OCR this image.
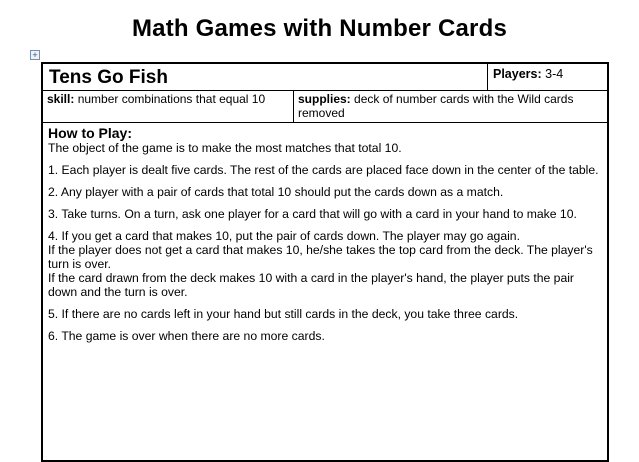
Math Games with Number Cards
+
Tens Go Fish	Players: 3-4
skill: number combinations that equal 10	supplies: deck of number cards with the Wild cards removed
How to Play:

The object of the game is to make the most matches that total 10.

1. Each player is dealt five cards. The rest of the cards are placed face down in the center of the table.

2. Any player with a pair of cards that total 10 should put the cards down as a match.

3. Take turns. On a turn, ask one player for a card that will go with a card in your hand to make 10.

4. If you get a card that makes 10, put the pair of cards down. The player may go again.

If the player does not get a card that makes 10, he/she takes the top card from the deck. The player's turn is over.

If the card drawn from the deck makes 10 with a card in the player's hand, the player puts the pair down and the turn is over.

5. If there are no cards left in your hand but still cards in the deck, you take three cards.

6. The game is over when there are no more cards.
